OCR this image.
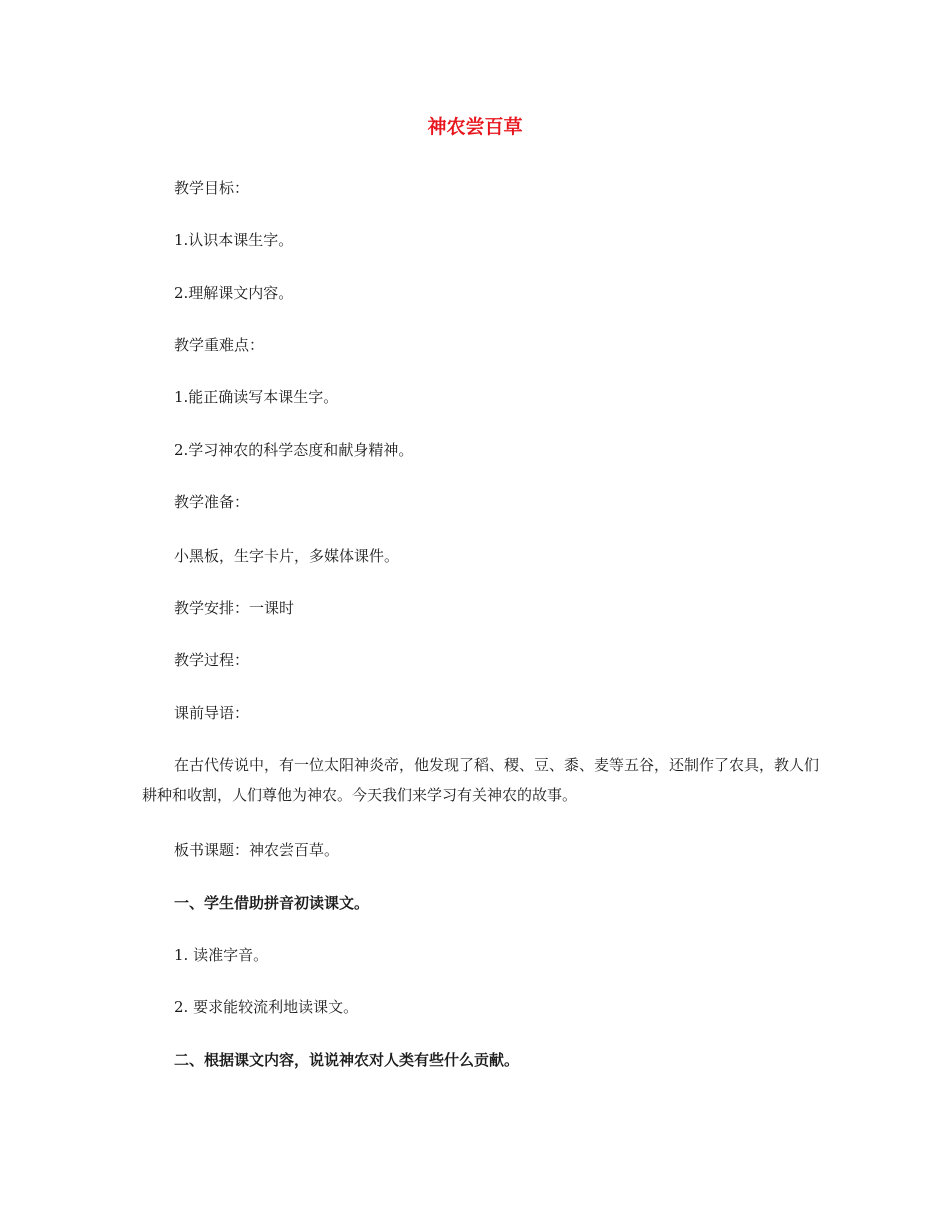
神农尝百草
教学目标：
1.认识本课生字。
2.理解课文内容。
教学重难点：
1.能正确读写本课生字。
2.学习神农的科学态度和献身精神。
教学准备：
小黑板，生字卡片，多媒体课件。
教学安排：一课时
教学过程：
课前导语：
在古代传说中，有一位太阳神炎帝，他发现了稻、稷、豆、黍、麦等五谷，还制作了农具，教人们耕种和收割，人们尊他为神农。今天我们来学习有关神农的故事。
板书课题：神农尝百草。
一、学生借助拼音初读课文。
1. 读准字音。
2. 要求能较流利地读课文。
二、根据课文内容，说说神农对人类有些什么贡献。
